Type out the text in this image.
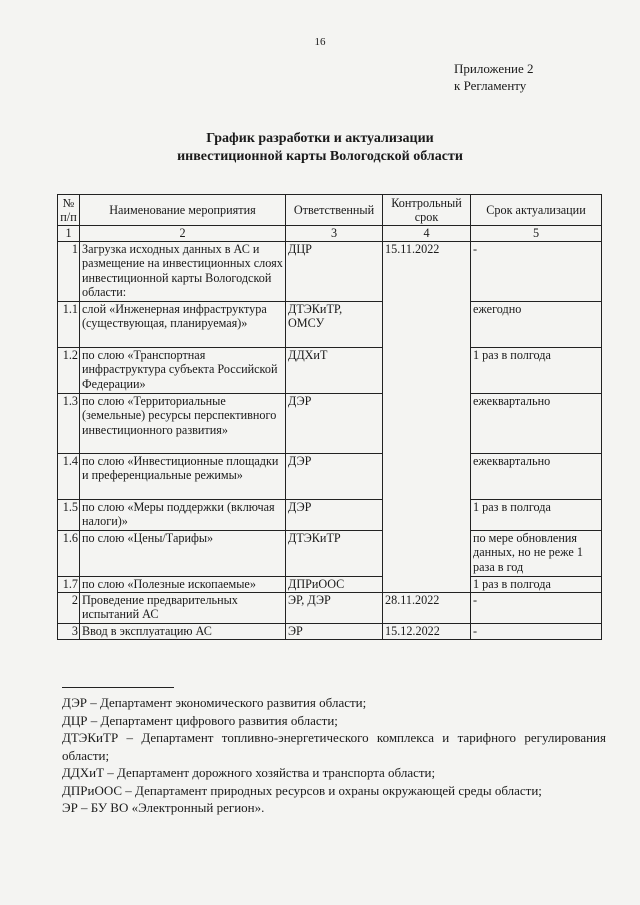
16
Приложение 2
к Регламенту
График разработки и актуализации
инвестиционной карты Вологодской области
№ п/п	Наименование мероприятия	Ответственный	Контрольный срок	Срок актуализации
1	2	3	4	5
1	Загрузка исходных данных в АС и размещение на инвестиционных слоях инвестиционной карты Вологодской области:	ДЦР	15.11.2022	-
1.1	слой «Инженерная инфраструктура (существующая, планируемая)»	ДТЭКиТР, ОМСУ		ежегодно
1.2	по слою «Транспортная инфраструктура субъекта Российской Федерации»	ДДХиТ		1 раз в полгода
1.3	по слою «Территориальные (земельные) ресурсы перспективного инвестиционного развития»	ДЭР		ежеквартально
1.4	по слою «Инвестиционные площадки и преференциальные режимы»	ДЭР		ежеквартально
1.5	по слою «Меры поддержки (включая налоги)»	ДЭР		1 раз в полгода
1.6	по слою «Цены/Тарифы»	ДТЭКиТР		по мере обновления данных, но не реже 1 раза в год
1.7	по слою «Полезные ископаемые»	ДПРиООС		1 раз в полгода
2	Проведение предварительных испытаний АС	ЭР, ДЭР	28.11.2022	-
3	Ввод в эксплуатацию АС	ЭР	15.12.2022	-
ДЭР – Департамент экономического развития области;
ДЦР – Департамент цифрового развития области;
ДТЭКиТР – Департамент топливно-энергетического комплекса и тарифного регулирования области;
ДДХиТ – Департамент дорожного хозяйства и транспорта области;
ДПРиООС – Департамент природных ресурсов и охраны окружающей среды области;
ЭР – БУ ВО «Электронный регион».
